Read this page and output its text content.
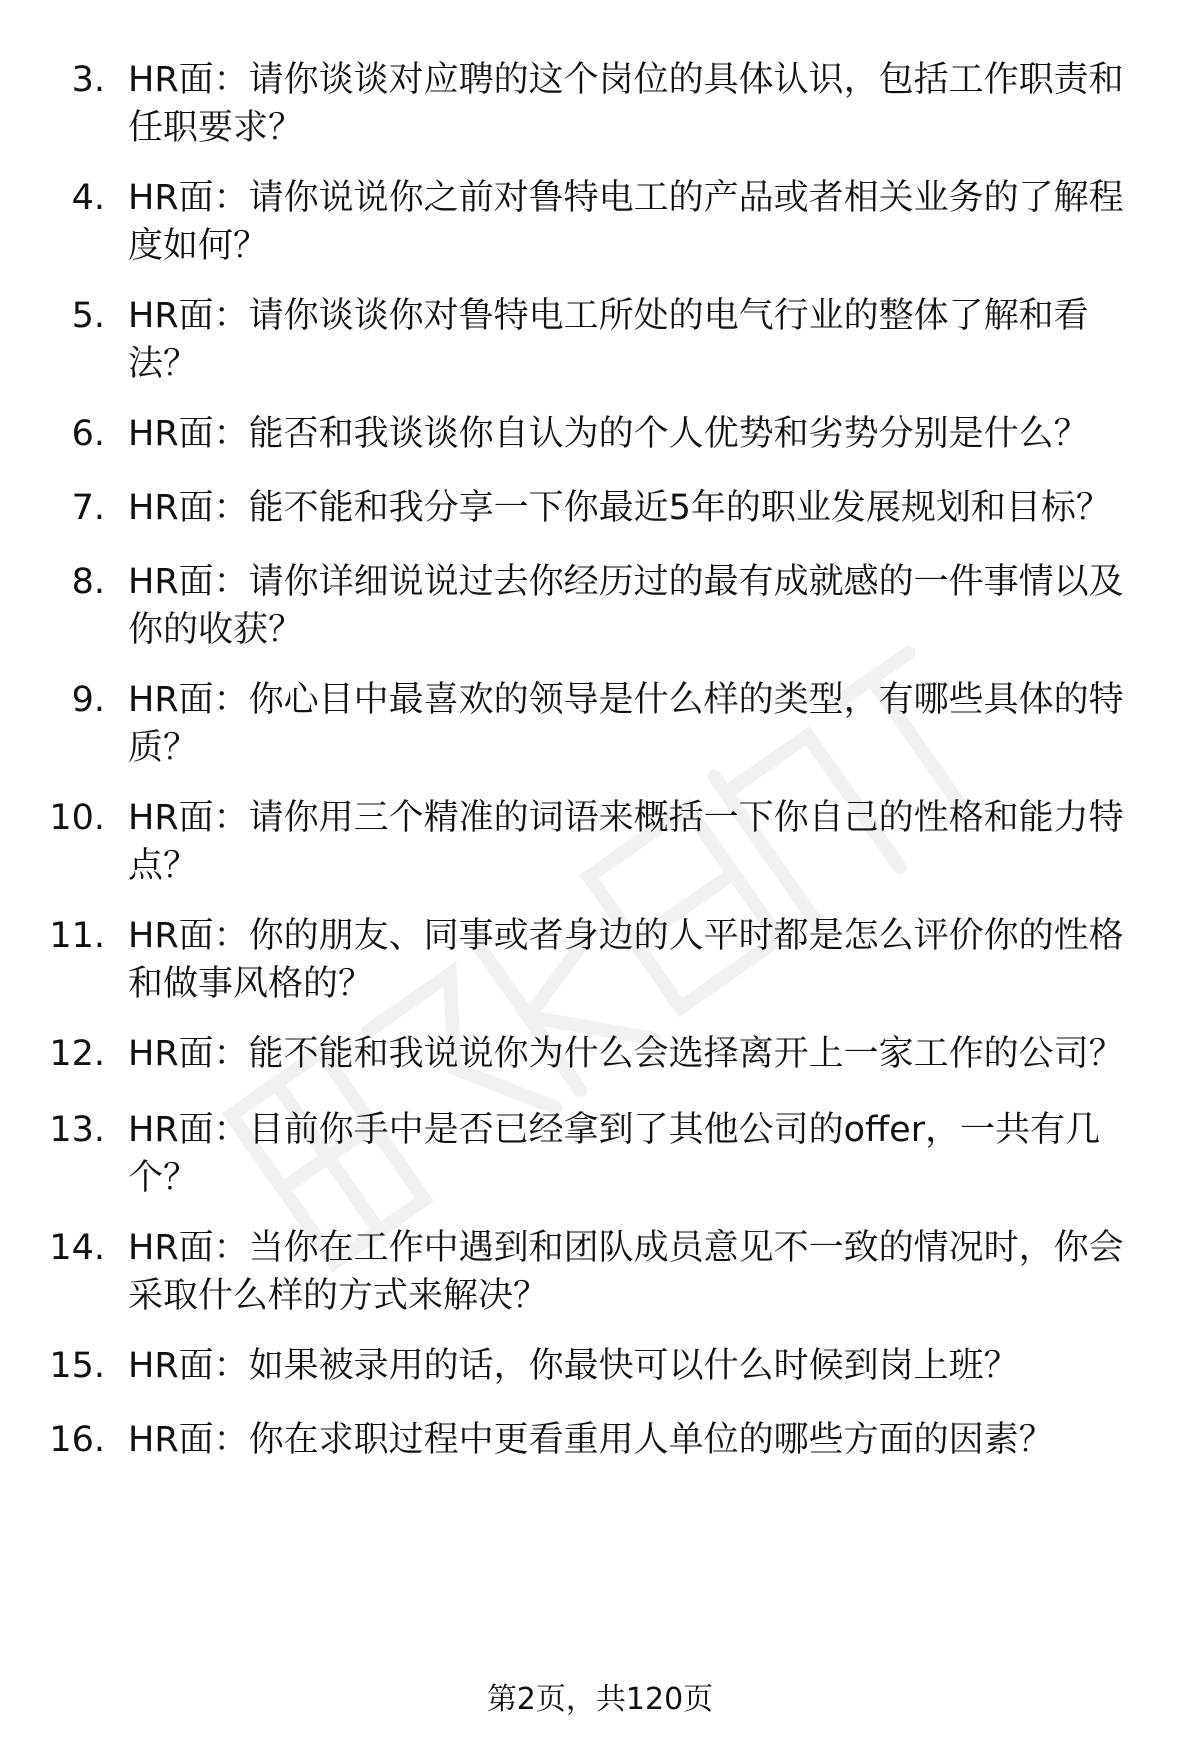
3. HR面：请你谈谈对应聘的这个岗位的具体认识，包括工作职责和任职要求？
4. HR面：请你说说你之前对鲁特电工的产品或者相关业务的了解程度如何？
5. HR面：请你谈谈你对鲁特电工所处的电气行业的整体了解和看法？
6. HR面：能否和我谈谈你自认为的个人优势和劣势分别是什么？
7. HR面：能不能和我分享一下你最近5年的职业发展规划和目标？
8. HR面：请你详细说说过去你经历过的最有成就感的一件事情以及你的收获？
9. HR面：你心目中最喜欢的领导是什么样的类型，有哪些具体的特质？
10. HR面：请你用三个精准的词语来概括一下你自己的性格和能力特点？
11. HR面：你的朋友、同事或者身边的人平时都是怎么评价你的性格和做事风格的？
12. HR面：能不能和我说说你为什么会选择离开上一家工作的公司？
13. HR面：目前你手中是否已经拿到了其他公司的offer，一共有几个？
14. HR面：当你在工作中遇到和团队成员意见不一致的情况时，你会采取什么样的方式来解决？
15. HR面：如果被录用的话，你最快可以什么时候到岗上班？
16. HR面：你在求职过程中更看重用人单位的哪些方面的因素？
第2页，共120页
